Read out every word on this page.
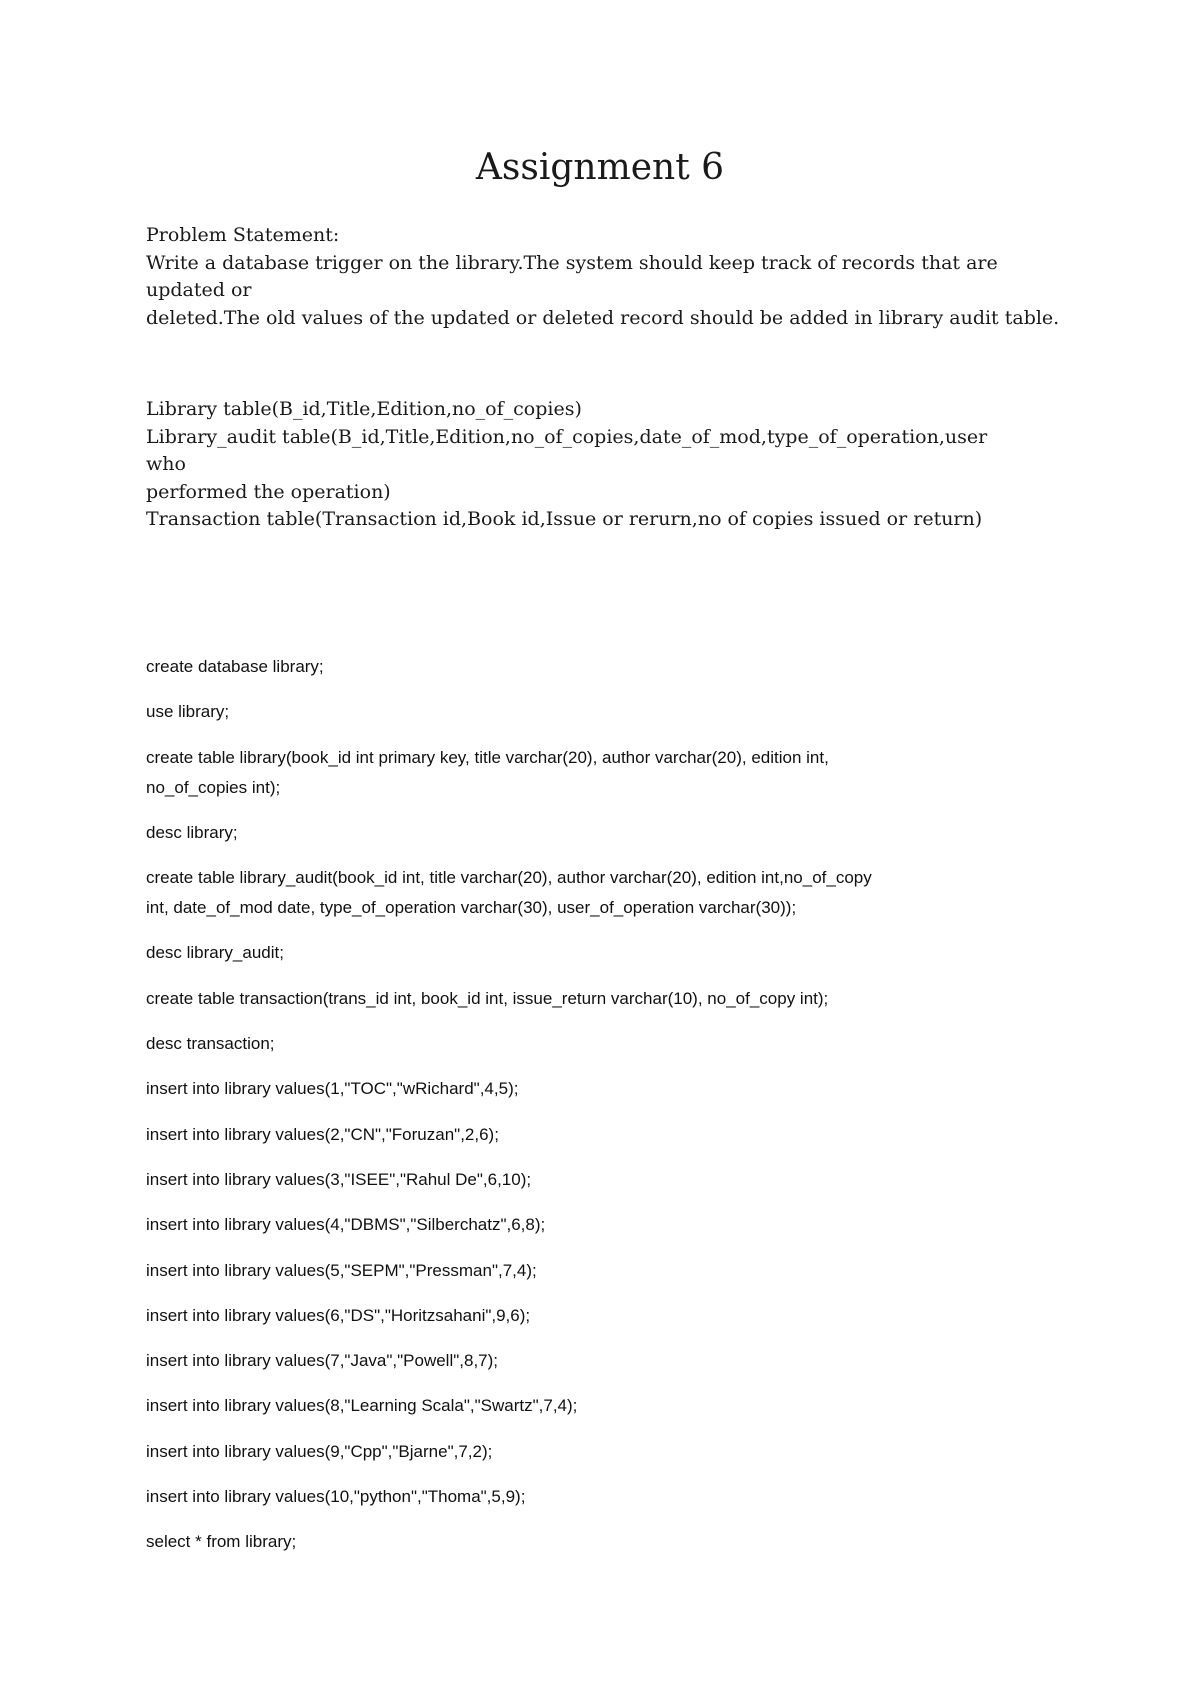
Assignment 6
Problem Statement:
Write a database trigger on the library.The system should keep track of records that are
updated or
deleted.The old values of the updated or deleted record should be added in library audit table.
Library table(B_id,Title,Edition,no_of_copies)
Library_audit table(B_id,Title,Edition,no_of_copies,date_of_mod,type_of_operation,user
who
performed the operation)
Transaction table(Transaction id,Book id,Issue or rerurn,no of copies issued or return)
create database library;
use library;
create table library(book_id int primary key, title varchar(20), author varchar(20), edition int,
no_of_copies int);
desc library;
create table library_audit(book_id int, title varchar(20), author varchar(20), edition int,no_of_copy
int, date_of_mod date, type_of_operation varchar(30), user_of_operation varchar(30));
desc library_audit;
create table transaction(trans_id int, book_id int, issue_return varchar(10), no_of_copy int);
desc transaction;
insert into library values(1,"TOC","wRichard",4,5);
insert into library values(2,"CN","Foruzan",2,6);
insert into library values(3,"ISEE","Rahul De",6,10);
insert into library values(4,"DBMS","Silberchatz",6,8);
insert into library values(5,"SEPM","Pressman",7,4);
insert into library values(6,"DS","Horitzsahani",9,6);
insert into library values(7,"Java","Powell",8,7);
insert into library values(8,"Learning Scala","Swartz",7,4);
insert into library values(9,"Cpp","Bjarne",7,2);
insert into library values(10,"python","Thoma",5,9);
select * from library;
